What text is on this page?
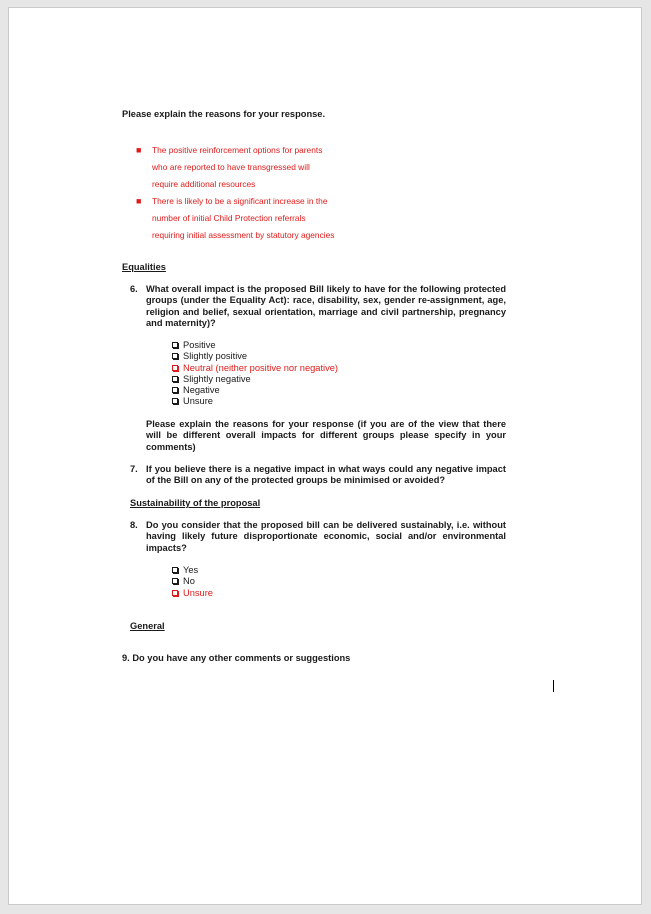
Please explain the reasons for your response.

■ The positive reinforcement options for parents
who are reported to have transgressed will
require additional resources
■ There is likely to be a significant increase in the
number of initial Child Protection referrals
requiring initial assessment by statutory agencies

Equalities

6. What overall impact is the proposed Bill likely to have for the following protected groups (under the Equality Act): race, disability, sex, gender re-assignment, age, religion and belief, sexual orientation, marriage and civil partnership, pregnancy and maternity)?
Positive
Slightly positive
Neutral (neither positive nor negative)
Slightly negative
Negative
Unsure
Please explain the reasons for your response (if you are of the view that there will be different overall impacts for different groups please specify in your comments)
7. If you believe there is a negative impact in what ways could any negative impact of the Bill on any of the protected groups be minimised or avoided?

Sustainability of the proposal

8. Do you consider that the proposed bill can be delivered sustainably, i.e. without having likely future disproportionate economic, social and/or environmental impacts?
Yes
No
Unsure

General

9. Do you have any other comments or suggestions
